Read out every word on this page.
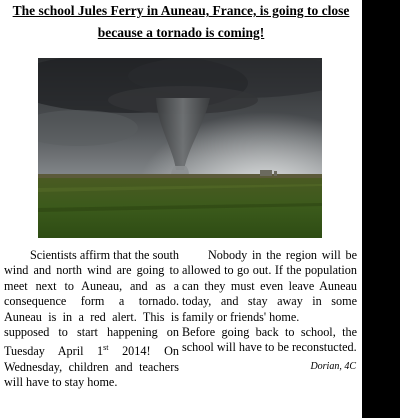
The school Jules Ferry in Auneau, France, is going to close
because a tornado is coming!
Scientists affirm that the south wind and north wind are going to meet next to Auneau, and as a consequence form a tornado. Auneau is in a red alert. This is supposed to start happening on Tuesday April 1st 2014! On Wednesday, children and teachers will have to stay home.
Nobody in the region will be allowed to go out. If the population can they must even leave Auneau today, and stay away in some family or friends' home.
Before going back to school, the school will have to be reconstucted.
Dorian, 4C
